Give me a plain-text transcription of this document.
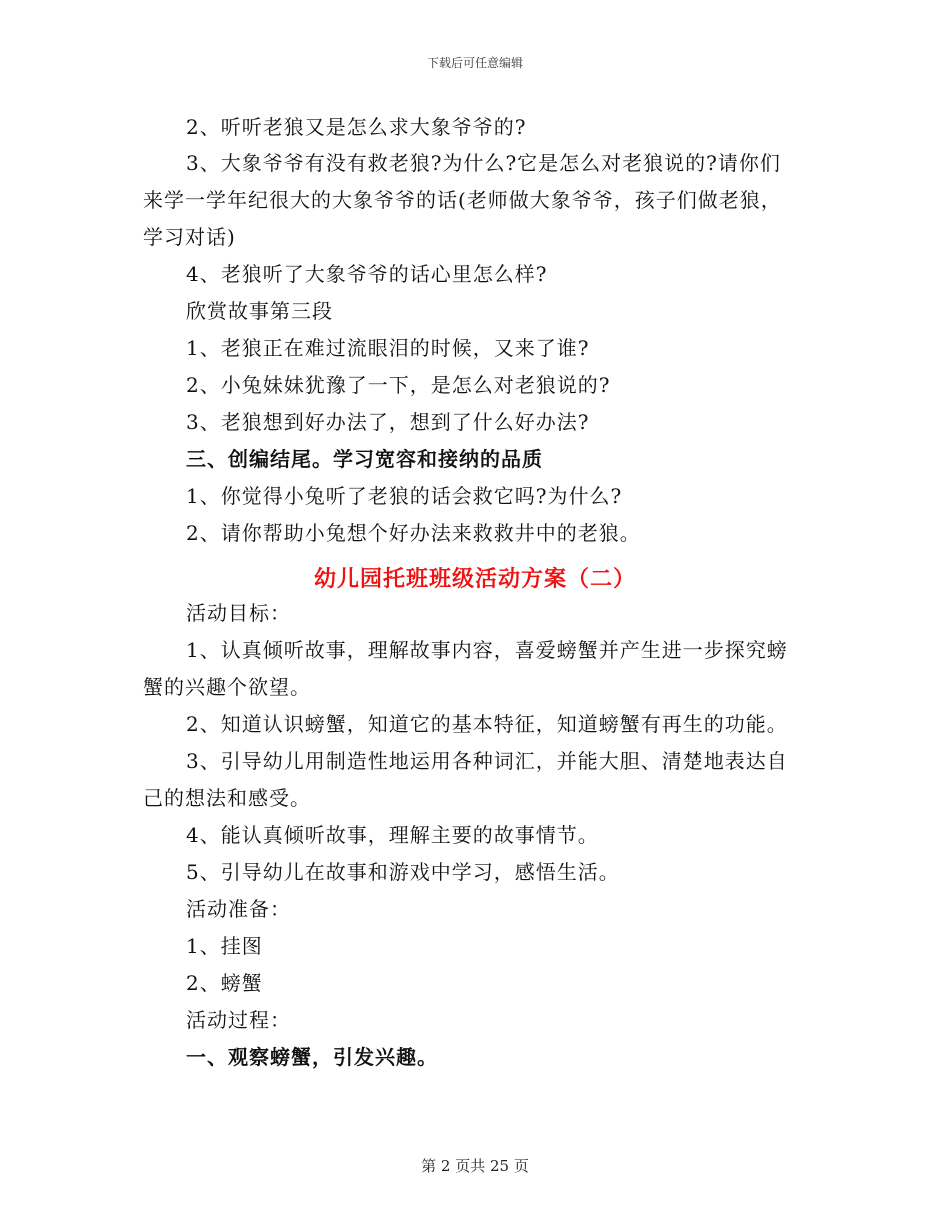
下载后可任意编辑
2、听听老狼又是怎么求大象爷爷的?
3、大象爷爷有没有救老狼?为什么?它是怎么对老狼说的?请你们
来学一学年纪很大的大象爷爷的话(老师做大象爷爷，孩子们做老狼，
学习对话)
4、老狼听了大象爷爷的话心里怎么样?
欣赏故事第三段
1、老狼正在难过流眼泪的时候，又来了谁?
2、小兔妹妹犹豫了一下，是怎么对老狼说的?
3、老狼想到好办法了，想到了什么好办法?
三、创编结尾。学习宽容和接纳的品质
1、你觉得小兔听了老狼的话会救它吗?为什么?
2、请你帮助小兔想个好办法来救救井中的老狼。
幼儿园托班班级活动方案（二）
活动目标：
1、认真倾听故事，理解故事内容，喜爱螃蟹并产生进一步探究螃
蟹的兴趣个欲望。
2、知道认识螃蟹，知道它的基本特征，知道螃蟹有再生的功能。
3、引导幼儿用制造性地运用各种词汇，并能大胆、清楚地表达自
己的想法和感受。
4、能认真倾听故事，理解主要的故事情节。
5、引导幼儿在故事和游戏中学习，感悟生活。
活动准备：
1、挂图
2、螃蟹
活动过程：
一、观察螃蟹，引发兴趣。
第 2 页共 25 页
